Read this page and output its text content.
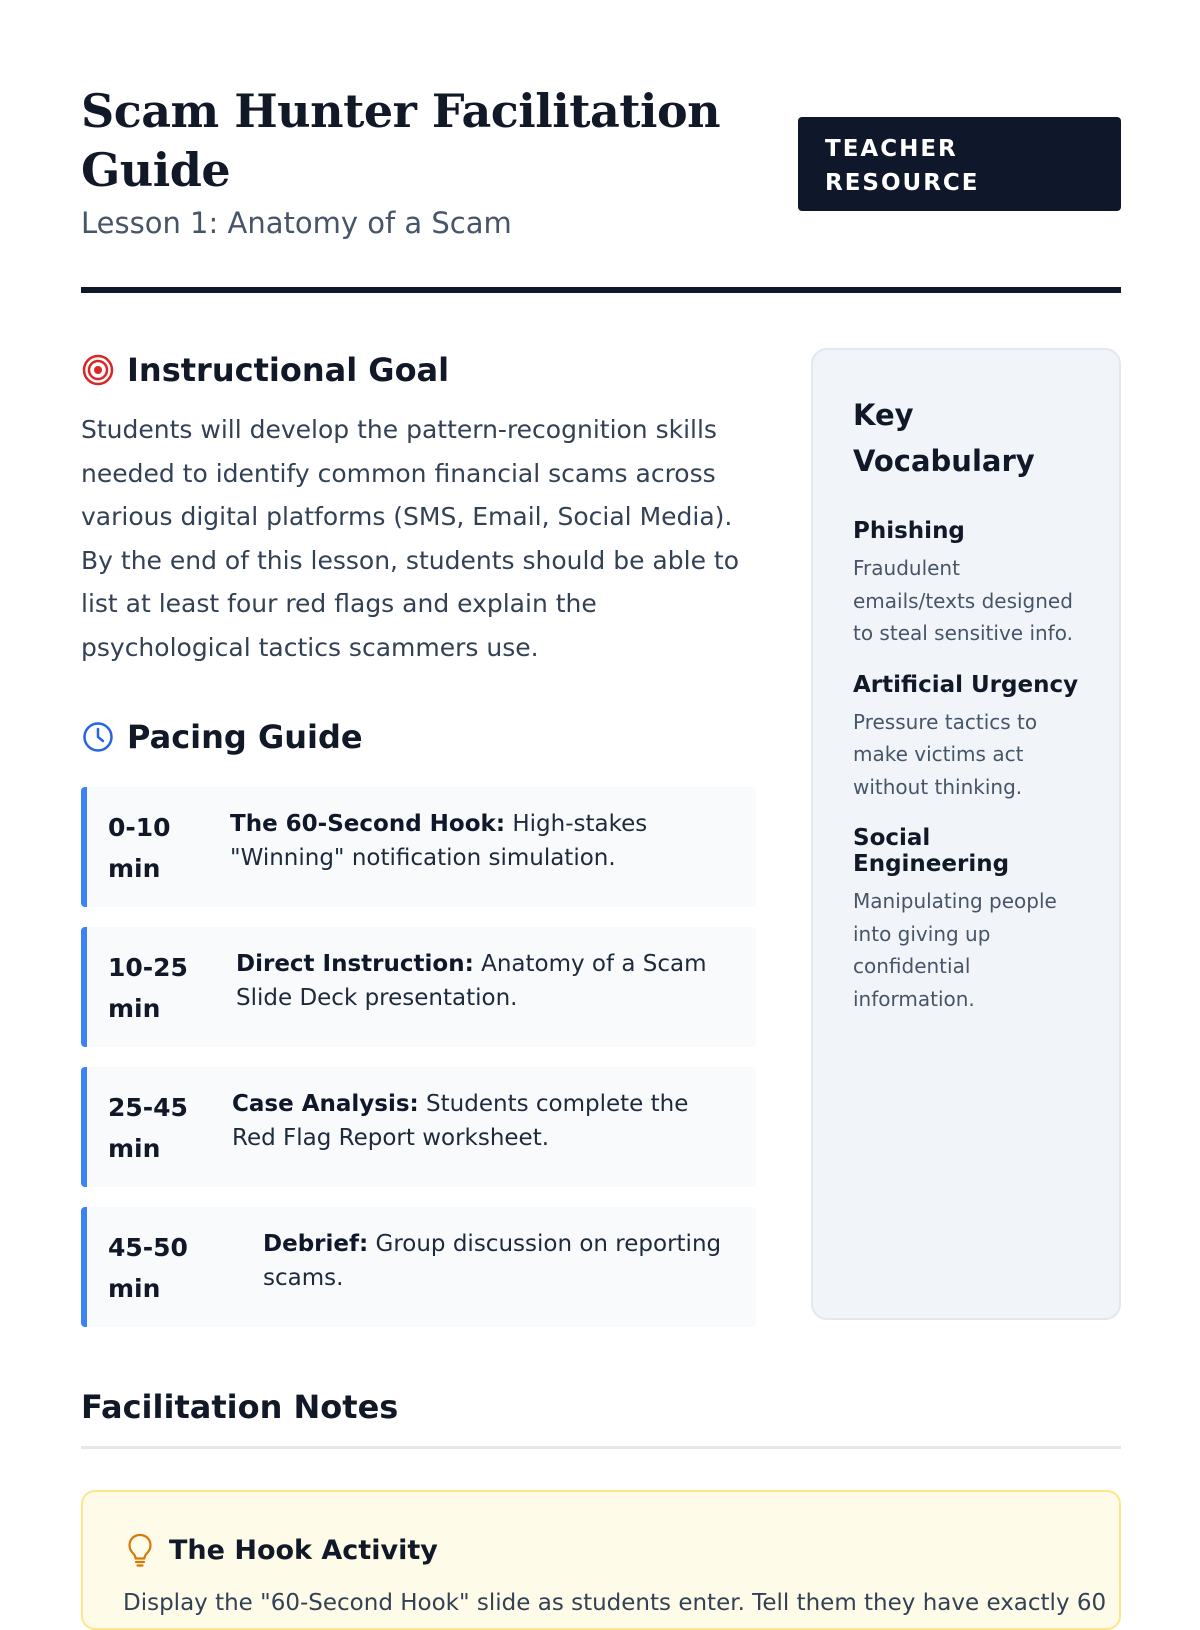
Scam Hunter Facilitation Guide
Lesson 1: Anatomy of a Scam
TEACHER RESOURCE
Instructional Goal

Students will develop the pattern-recognition skills needed to identify common financial scams across various digital platforms (SMS, Email, Social Media). By the end of this lesson, students should be able to list at least four red flags and explain the psychological tactics scammers use.

Pacing Guide
0-10 min
The 60-Second Hook: High-stakes "Winning" notification simulation.
10-25 min
Direct Instruction: Anatomy of a Scam Slide Deck presentation.
25-45 min
Case Analysis: Students complete the Red Flag Report worksheet.
45-50 min
Debrief: Group discussion on reporting scams.
Key Vocabulary
Phishing
Fraudulent emails/texts designed to steal sensitive info.
Artificial Urgency
Pressure tactics to make victims act without thinking.
Social Engineering
Manipulating people into giving up confidential information.
Facilitation Notes
The Hook Activity

Display the "60-Second Hook" slide as students enter. Tell them they have exactly 60
